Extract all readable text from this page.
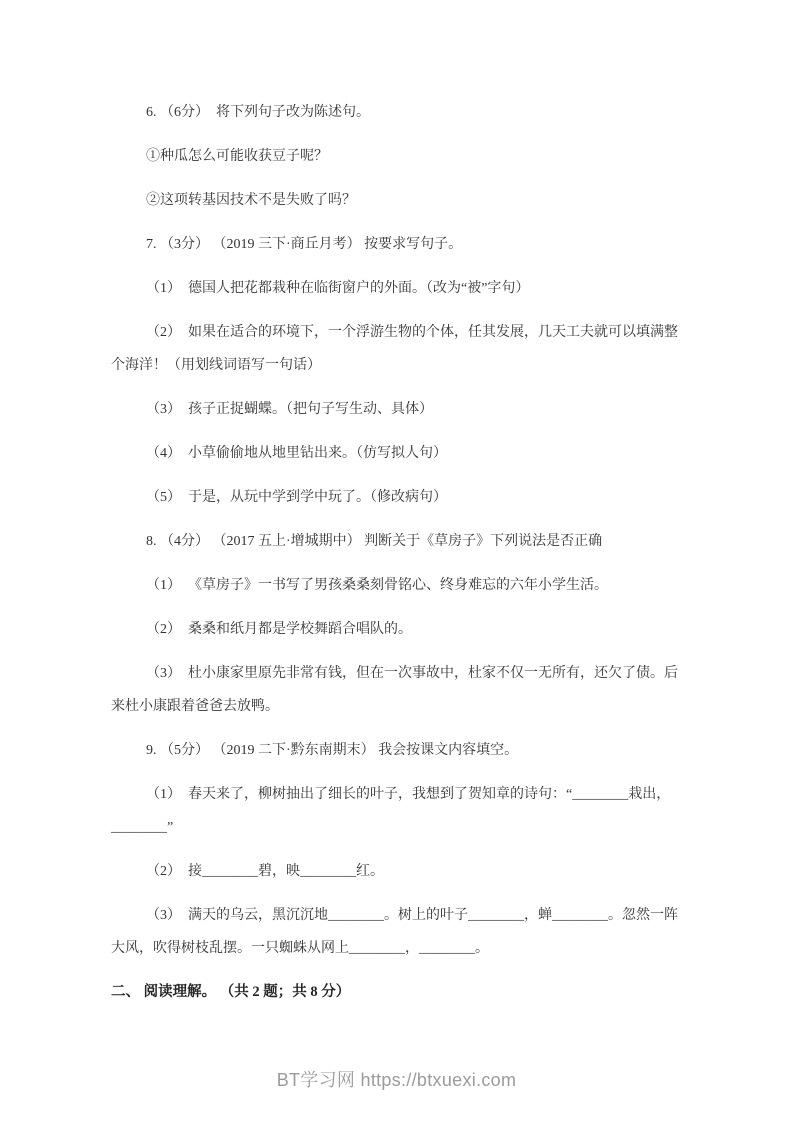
6. （6分）  将下列句子改为陈述句。

①种瓜怎么可能收获豆子呢？

②这项转基因技术不是失败了吗？

7. （3分） （2019 三下·商丘月考） 按要求写句子。

（1）  德国人把花都栽种在临街窗户的外面。（改为“被”字句）

（2）  如果在适合的环境下，一个浮游生物的个体，任其发展，几天工夫就可以填满整个海洋！（用划线词语写一句话）

（3）  孩子正捉蝴蝶。（把句子写生动、具体）

（4）  小草偷偷地从地里钻出来。（仿写拟人句）

（5）  于是，从玩中学到学中玩了。（修改病句）

8. （4分） （2017 五上·增城期中） 判断关于《草房子》下列说法是否正确

（1）  《草房子》一书写了男孩桑桑刻骨铭心、终身难忘的六年小学生活。

（2）  桑桑和纸月都是学校舞蹈合唱队的。

（3）  杜小康家里原先非常有钱，但在一次事故中，杜家不仅一无所有，还欠了债。后来杜小康跟着爸爸去放鸭。

9. （5分） （2019 二下·黔东南期末） 我会按课文内容填空。

（1）  春天来了，柳树抽出了细长的叶子，我想到了贺知章的诗句：“________栽出，________”

（2）  接________碧，映________红。

（3）  满天的乌云，黑沉沉地________。树上的叶子________，蝉________。忽然一阵大风，吹得树枝乱摆。一只蜘蛛从网上________，________。

二、 阅读理解。 （共 2 题；共 8 分）

BT学习网 https://btxuexi.com
